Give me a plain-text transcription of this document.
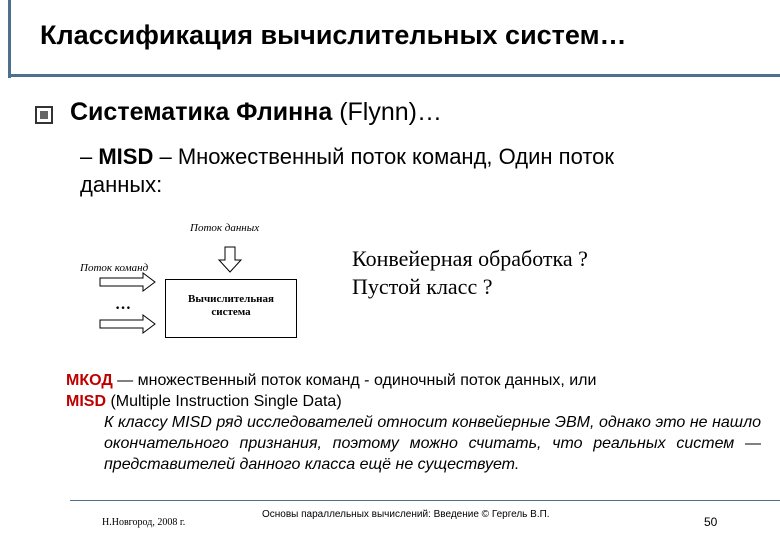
Классификация вычислительных систем…
Систематика Флинна (Flynn)…
– MISD – Множественный поток команд, Один поток данных:
Поток данных
Поток команд
…	Вычислительная
система
Конвейерная обработка ?
Пустой класс ?
МКОД — множественный поток команд - одиночный поток данных, или
MISD (Multiple Instruction Single Data)
К классу MISD ряд исследователей относит конвейерные ЭВМ, однако это не нашло окончательного признания, поэтому можно считать, что реальных систем — представителей данного класса ещё не существует.
Н.Новгород, 2008 г.
Основы параллельных вычислений: Введение © Гергель В.П.
50
